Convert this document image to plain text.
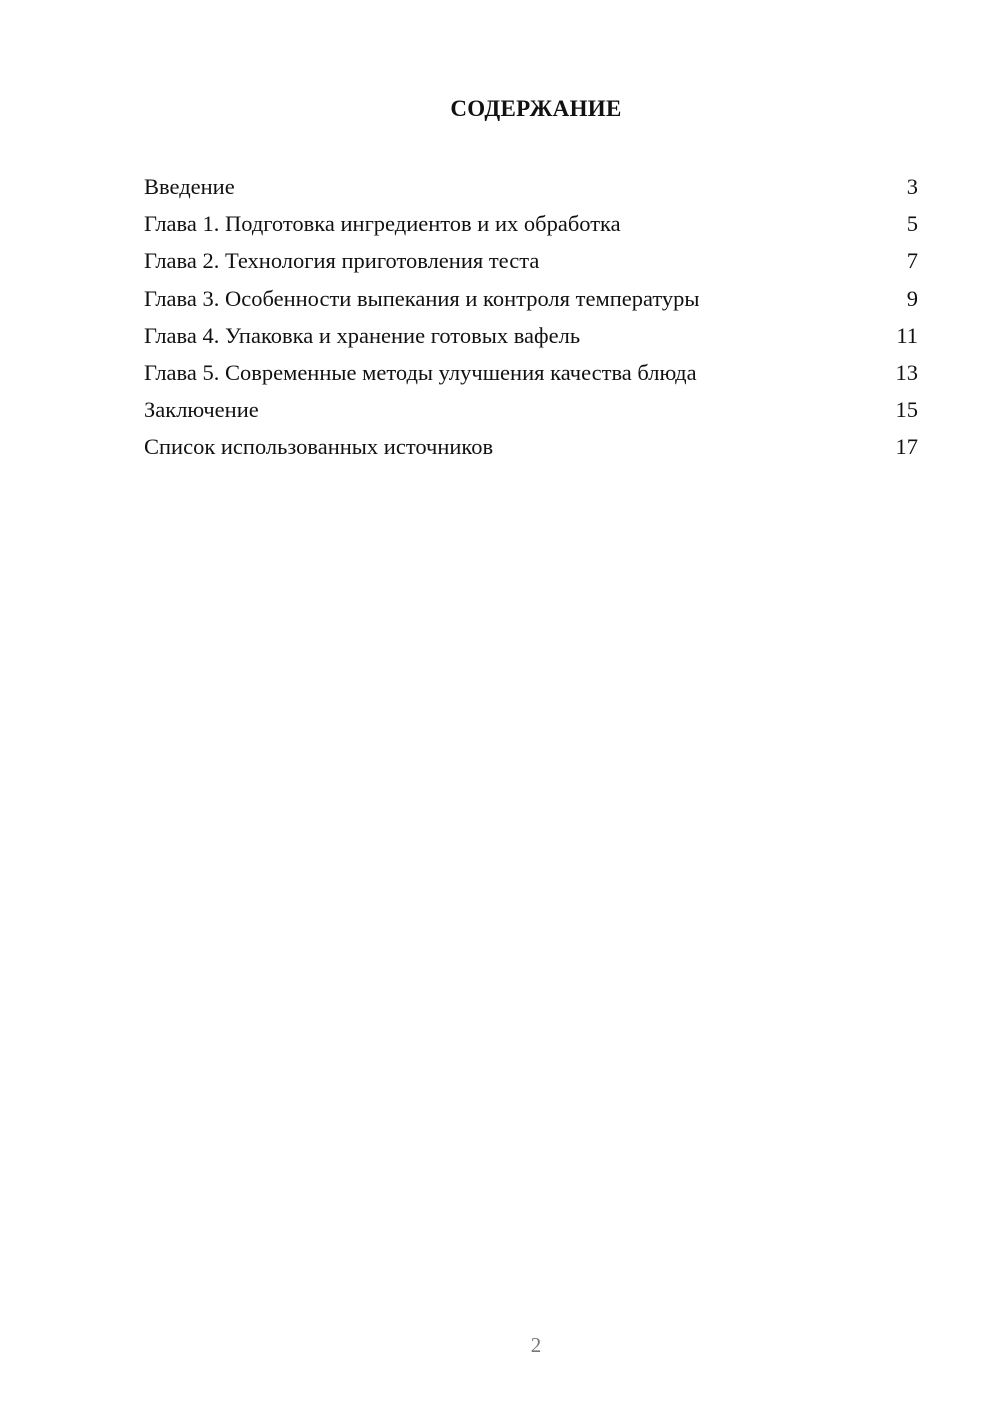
СОДЕРЖАНИЕ
Введение	3
Глава 1. Подготовка ингредиентов и их обработка	5
Глава 2. Технология приготовления теста	7
Глава 3. Особенности выпекания и контроля температуры	9
Глава 4. Упаковка и хранение готовых вафель	11
Глава 5. Современные методы улучшения качества блюда	13
Заключение	15
Список использованных источников	17
2
